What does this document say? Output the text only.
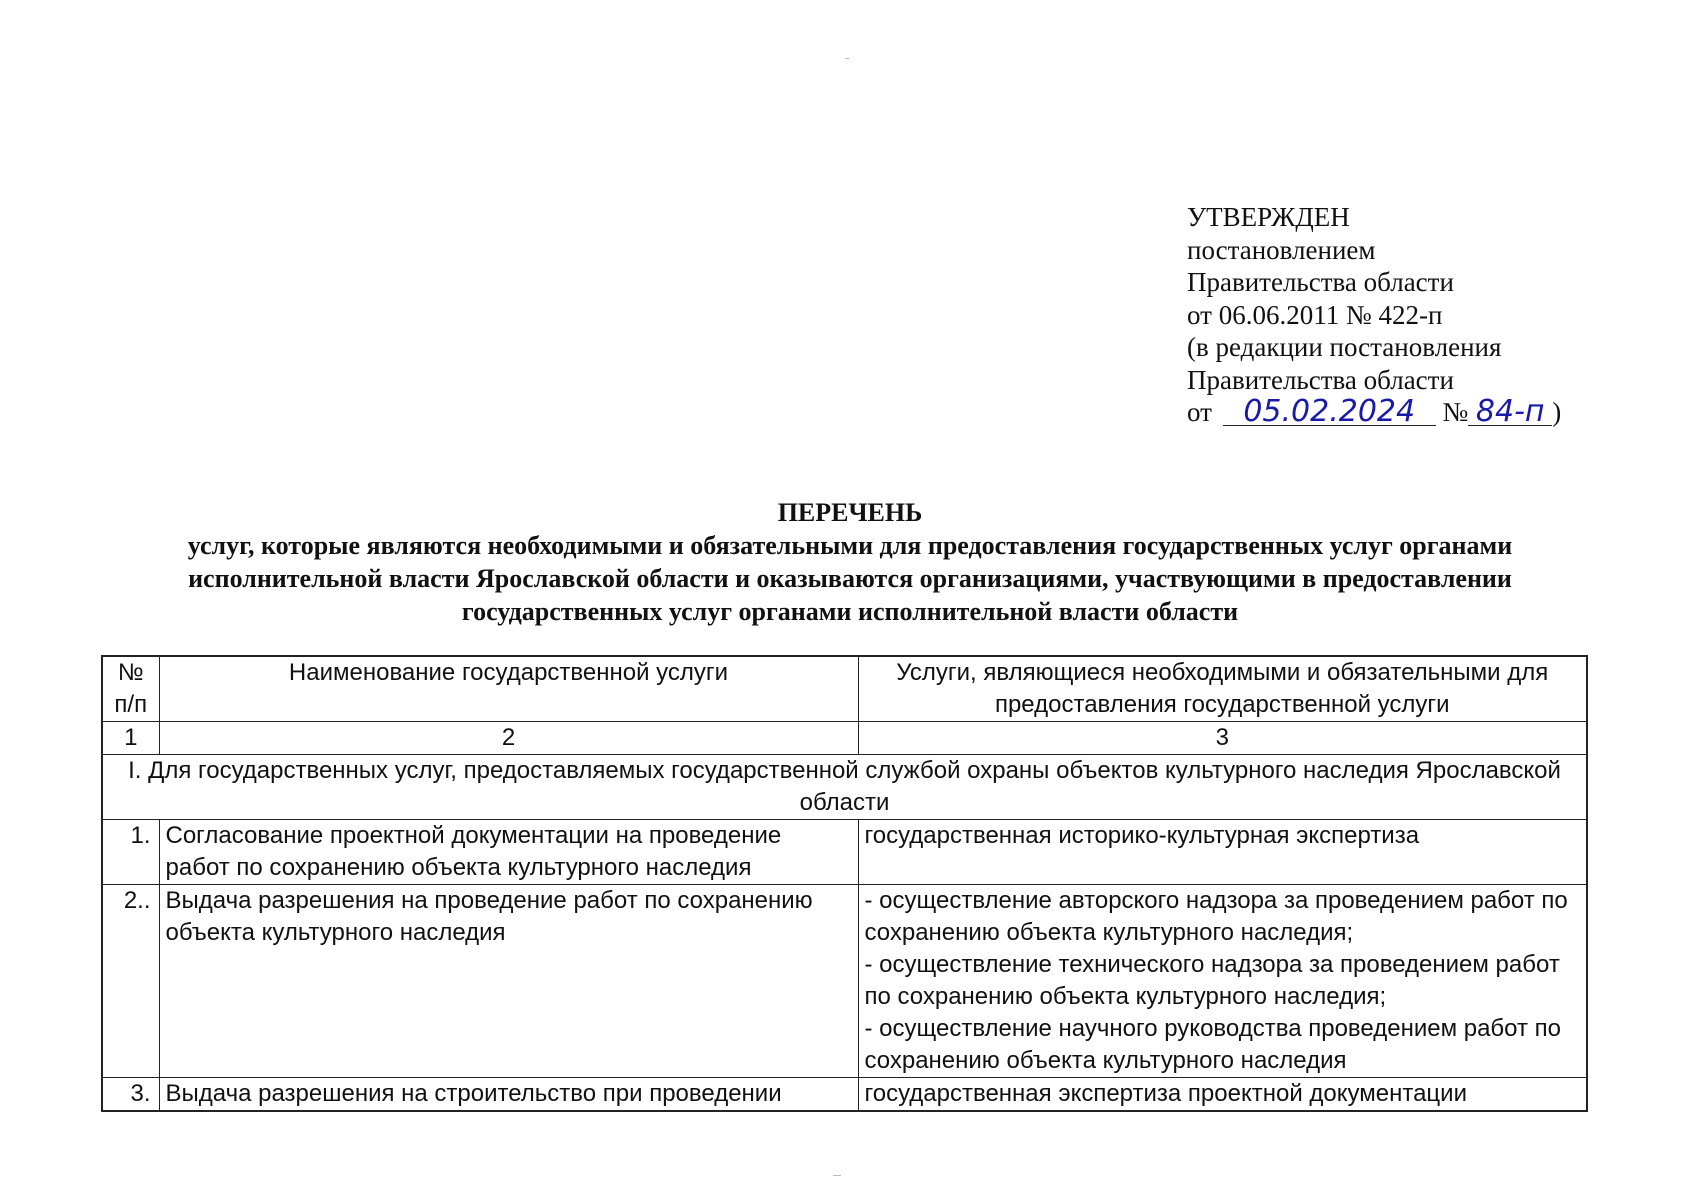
УТВЕРЖДЕН
постановлением
Правительства области
от 06.06.2011 № 422-п
(в редакции постановления
Правительства области
от 05.02.2024 № 84-п )
ПЕРЕЧЕНЬ
услуг, которые являются необходимыми и обязательными для предоставления государственных услуг органами исполнительной власти Ярославской области и оказываются организациями, участвующими в предоставлении государственных услуг органами исполнительной власти области
№ п/п	Наименование государственной услуги	Услуги, являющиеся необходимыми и обязательными для предоставления государственной услуги
1	2	3
I. Для государственных услуг, предоставляемых государственной службой охраны объектов культурного наследия Ярославской области		
1.	Согласование проектной документации на проведение работ по сохранению объекта культурного наследия	государственная историко-культурная экспертиза

2..	Выдача разрешения на проведение работ по сохранению объекта культурного наследия	- осуществление авторского надзора за проведением работ по сохранению объекта культурного наследия;
- осуществление технического надзора за проведением работ по сохранению объекта культурного наследия;
- осуществление научного руководства проведением работ по сохранению объекта культурного наследия

3.	Выдача разрешения на строительство при проведении	государственная экспертиза проектной документации
